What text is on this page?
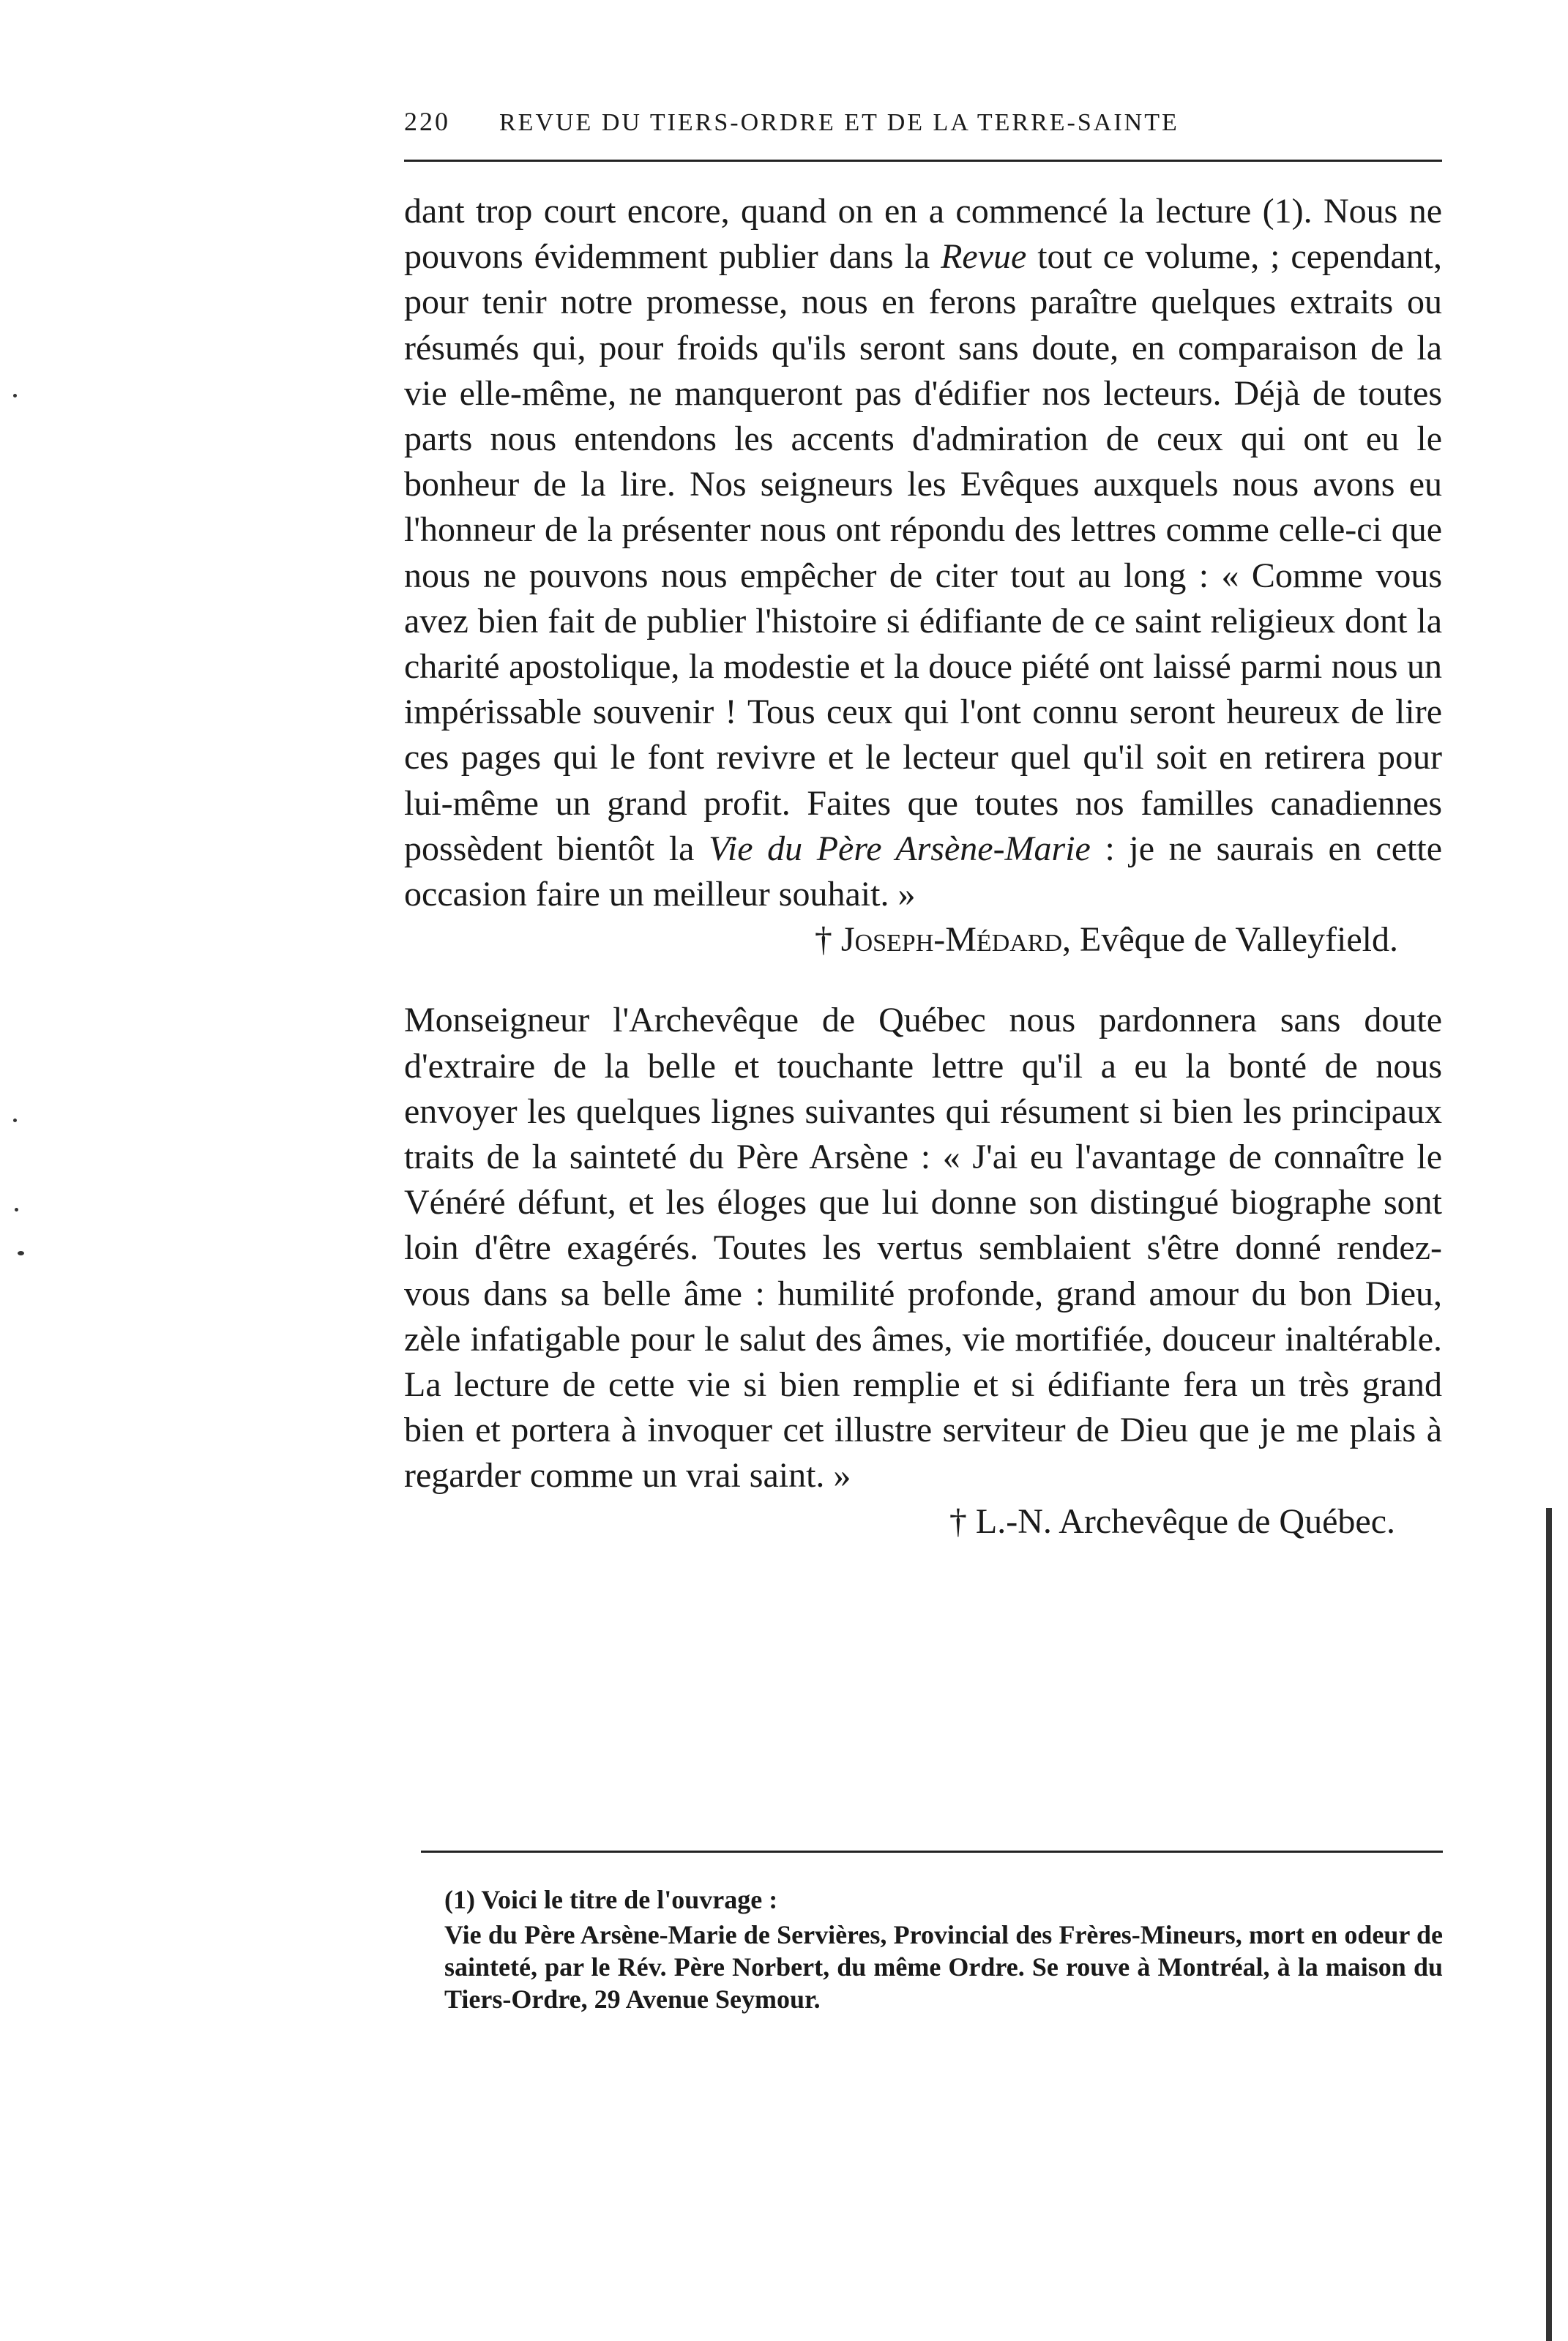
220	REVUE DU TIERS-ORDRE ET DE LA TERRE-SAINTE

dant trop court encore, quand on en a commencé la lecture (1). Nous ne pouvons évidemment publier dans la Revue tout ce volume, ; cependant, pour tenir notre promesse, nous en ferons paraître quelques extraits ou résumés qui, pour froids qu'ils seront sans doute, en comparaison de la vie elle-même, ne manqueront pas d'édifier nos lecteurs. Déjà de toutes parts nous entendons les accents d'admiration de ceux qui ont eu le bonheur de la lire. Nos seigneurs les Evêques auxquels nous avons eu l'honneur de la présenter nous ont répondu des lettres comme celle-ci que nous ne pouvons nous empêcher de citer tout au long : « Comme vous avez bien fait de publier l'histoire si édifiante de ce saint religieux dont la charité apostolique, la modestie et la douce piété ont laissé parmi nous un impérissable souvenir ! Tous ceux qui l'ont connu seront heureux de lire ces pages qui le font revivre et le lecteur quel qu'il soit en retirera pour lui-même un grand profit. Faites que toutes nos familles canadiennes possèdent bientôt la Vie du Père Arsène-Marie : je ne saurais en cette occasion faire un meilleur souhait. »

† Joseph-Médard, Evêque de Valleyfield.

Monseigneur l'Archevêque de Québec nous pardonnera sans doute d'extraire de la belle et touchante lettre qu'il a eu la bonté de nous envoyer les quelques lignes suivantes qui résument si bien les principaux traits de la sainteté du Père Arsène : « J'ai eu l'avantage de connaître le Vénéré défunt, et les éloges que lui donne son distingué biographe sont loin d'être exagérés. Toutes les vertus semblaient s'être donné rendez-vous dans sa belle âme : humilité profonde, grand amour du bon Dieu, zèle infatigable pour le salut des âmes, vie mortifiée, douceur inaltérable. La lecture de cette vie si bien remplie et si édifiante fera un très grand bien et portera à invoquer cet illustre serviteur de Dieu que je me plais à regarder comme un vrai saint. »

† L.-N. Archevêque de Québec.

(1) Voici le titre de l'ouvrage :

Vie du Père Arsène-Marie de Servières, Provincial des Frères-Mineurs, mort en odeur de sainteté, par le Rév. Père Norbert, du même Ordre. Se rouve à Montréal, à la maison du Tiers-Ordre, 29 Avenue Seymour.
